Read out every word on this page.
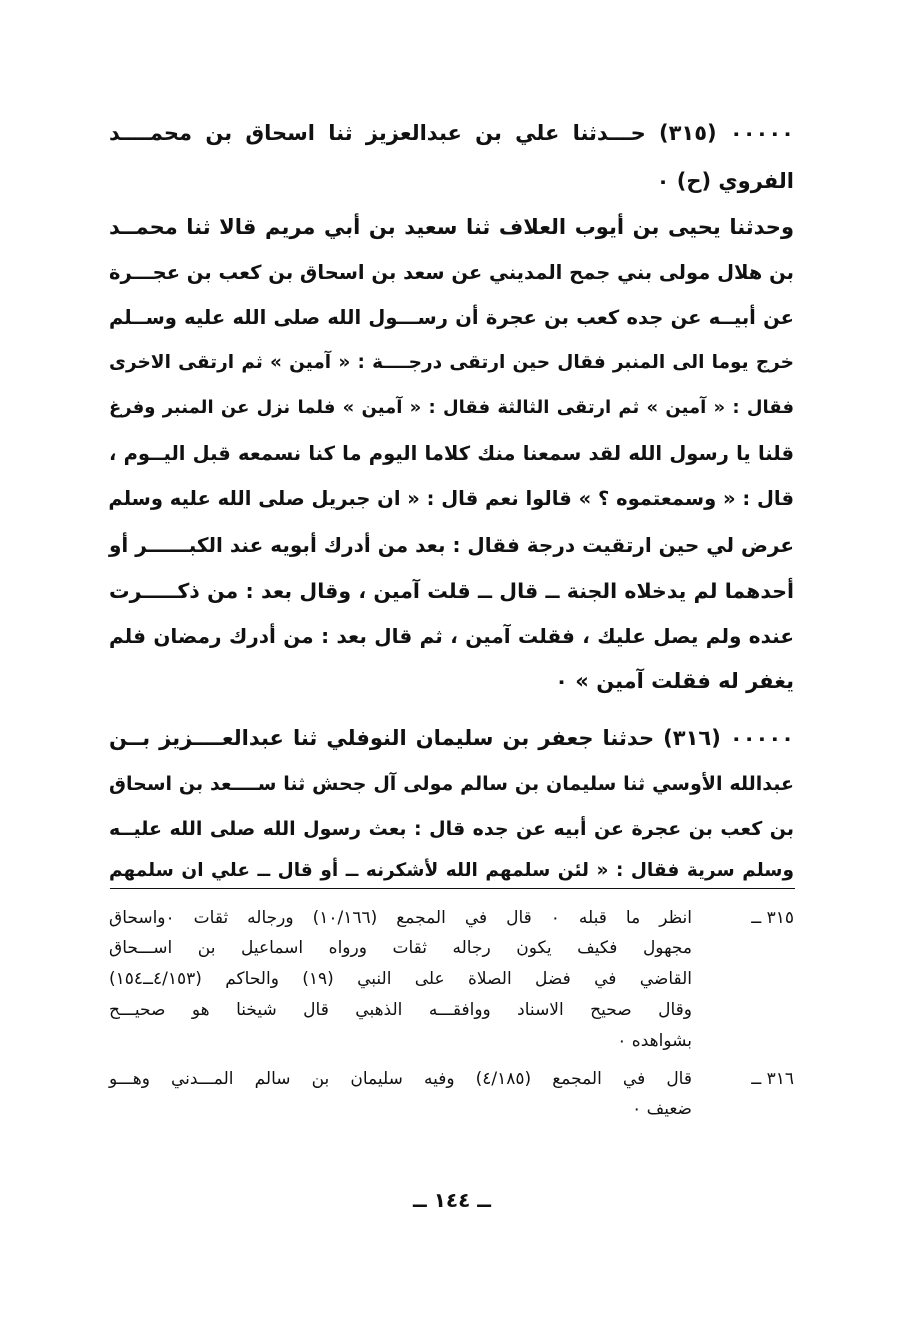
٠٠٠٠٠ (٣١٥) حـــدثنا علي بن عبدالعزيز ثنا اسحاق بن محمــــد
الفروي (ح) ٠
وحدثنا يحيى بن أيوب العلاف ثنا سعيد بن أبي مريم قالا ثنا محمــد
بن هلال مولى بني جمح المديني عن سعد بن اسحاق بن كعب بن عجـــرة
عن أبيــه عن جده كعب بن عجرة أن رســـول الله صلى الله عليه وســلم
خرج يوما الى المنبر فقال حين ارتقى درجــــة : « آمين » ثم ارتقى الاخرى
فقال : « آمين » ثم ارتقى الثالثة فقال : « آمين » فلما نزل عن المنبر وفرغ
قلنا يا رسول الله لقد سمعنا منك كلاما اليوم ما كنا نسمعه قبل اليــوم ،
قال : « وسمعتموه ؟ » قالوا نعم قال : « ان جبريل صلى الله عليه وسلم
عرض لي حين ارتقيت درجة فقال : بعد من أدرك أبويه عند الكبــــــر أو
أحدهما لم يدخلاه الجنة ــ قال ــ قلت آمين ، وقال بعد : من ذكـــــرت
عنده ولم يصل عليك ، فقلت آمين ، ثم قال بعد : من أدرك رمضان فلم
يغفر له فقلت آمين » ٠
٠٠٠٠٠ (٣١٦) حدثنا جعفر بن سليمان النوفلي ثنا عبدالعــــزيز بــن
عبدالله الأوسي ثنا سليمان بن سالم مولى آل جحش ثنا ســــعد بن اسحاق
بن كعب بن عجرة عن أبيه عن جده قال : بعث رسول الله صلى الله عليــه
وسلم سرية فقال : « لئن سلمهم الله لأشكرنه ــ أو قال ــ علي ان سلمهم
٣١٥ ــ
انظر ما قبله ٠ قال في المجمع (١٠/١٦٦) ورجاله ثقات ٠واسحاق
مجهول فكيف يكون رجاله ثقات ورواه اسماعيل بن اســـحاق
القاضي في فضل الصلاة على النبي (١٩) والحاكم (٤/١٥٣ــ١٥٤)
وقال صحيح الاسناد ووافقـــه الذهبي قال شيخنا هو صحيـــح
بشواهده ٠
٣١٦ ــ
قال في المجمع (٤/١٨٥) وفيه سليمان بن سالم المـــدني وهـــو
ضعيف ٠
ــ ١٤٤ ــ
